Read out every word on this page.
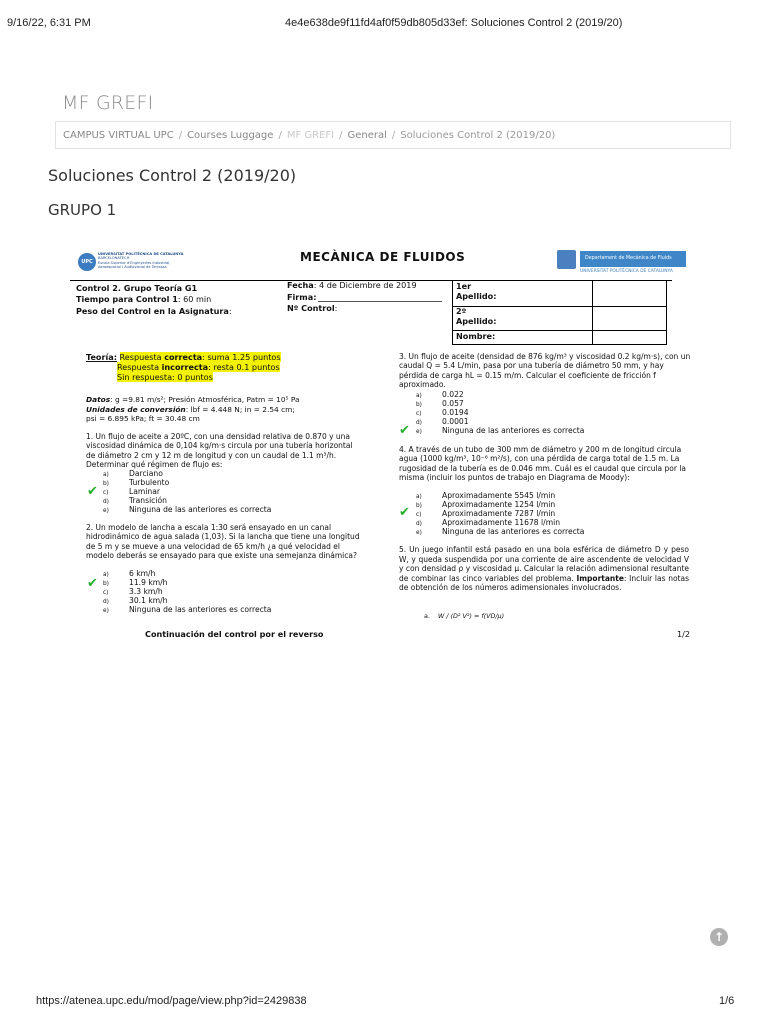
9/16/22, 6:31 PM	4e4e638de9f11fd4af0f59db805d33ef: Soluciones Control 2 (2019/20)
MF GREFI
CAMPUS VIRTUAL UPC / Courses Luggage / MF GREFI / General / Soluciones Control 2 (2019/20)
Soluciones Control 2 (2019/20)
GRUPO 1
UPC
UNIVERSITAT POLITÈCNICA DE CATALUNYA
BARCELONATECH
Escola Superior d'Enginyeries Industrial,
Aeroespacial i Audiovisual de Terrassa
MECÀNICA DE FLUIDOS	Departament de Mecànica de Fluids
UNIVERSITAT POLITÈCNICA DE CATALUNYA
Control 2. Grupo Teoría G1
Tiempo para Control 1: 60 min
Peso del Control en la Asignatura:
Fecha: 4 de Diciembre de 2019
Firma:
Nº Control:
1er Apellido:
2º Apellido:
Nombre:
Teoría: Respuesta correcta: suma 1.25 puntos
Respuesta incorrecta: resta 0.1 puntos
Sin respuesta: 0 puntos
Datos: g =9.81 m/s²; Presión Atmosférica, Patm = 10⁵ Pa
Unidades de conversión: lbf = 4.448 N; in = 2.54 cm;
psi = 6.895 kPa; ft = 30.48 cm
1. Un flujo de aceite a 20ºC, con una densidad relativa de 0.870 y una viscosidad dinámica de 0,104 kg/m·s circula por una tubería horizontal de diámetro 2 cm y 12 m de longitud y con un caudal de 1.1 m³/h. Determinar qué régimen de flujo es:
a)	Darciano
b)	Turbulento
c)	Laminar
d)	Transición
e)	Ninguna de las anteriores es correcta
✔
2. Un modelo de lancha a escala 1:30 será ensayado en un canal hidrodinámico de agua salada (1,03). Si la lancha que tiene una longitud de 5 m y se mueve a una velocidad de 65 km/h ¿a qué velocidad el modelo deberás se ensayado para que existe una semejanza dinámica?
a)	6 km/h
b)	11.9 km/h
c)	3.3 km/h
d)	30.1 km/h
e)	Ninguna de las anteriores es correcta
✔
3. Un flujo de aceite (densidad de 876 kg/m³ y viscosidad 0.2 kg/m·s), con un caudal Q = 5.4 L/min, pasa por una tubería de diámetro 50 mm, y hay pérdida de carga hL = 0.15 m/m. Calcular el coeficiente de fricción f aproximado.
a)	0.022
b)	0.057
c)	0.0194
d)	0.0001
e)	Ninguna de las anteriores es correcta
✔
4. A través de un tubo de 300 mm de diámetro y 200 m de longitud circula agua (1000 kg/m³, 10⁻⁶ m²/s), con una pérdida de carga total de 1.5 m. La rugosidad de la tubería es de 0.046 mm. Cuál es el caudal que circula por la misma (incluir los puntos de trabajo en Diagrama de Moody):
a)	Aproximadamente 5545 l/min
b)	Aproximadamente 1254 l/min
c)	Aproximadamente 7287 l/min
d)	Aproximadamente 11678 l/min
e)	Ninguna de las anteriores es correcta
✔
5. Un juego infantil está pasado en una bola esférica de diámetro D y peso W, y queda suspendida por una corriente de aire ascendente de velocidad V y con densidad ρ y viscosidad μ. Calcular la relación adimensional resultante de combinar las cinco variables del problema. Importante: Incluir las notas de obtención de los números adimensionales involucrados.
a. W / (D² V²) = f(VD/μ)
Continuación del control por el reverso	1/2
↑
https://atenea.upc.edu/mod/page/view.php?id=2429838	1/6
